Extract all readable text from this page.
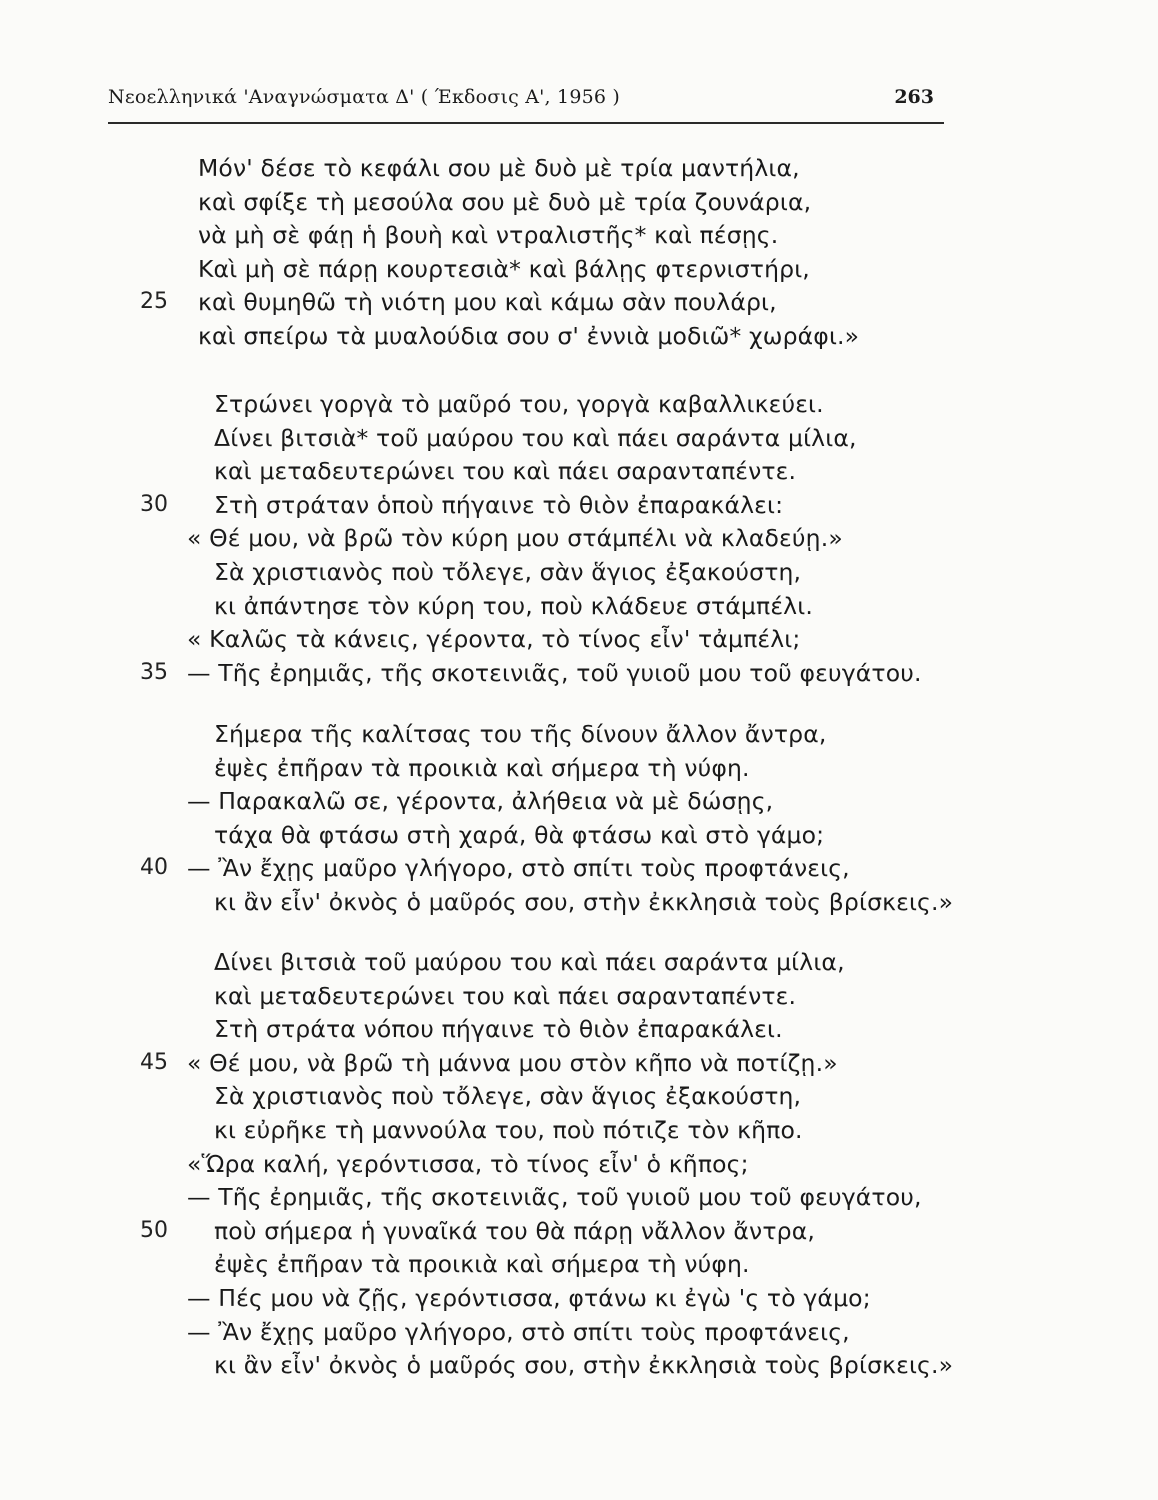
Νεοελληνικά 'Αναγνώσματα Δ' ( Έκδοσις Α', 1956 )	263
Μόν' δέσε τὸ κεφάλι σου μὲ δυὸ μὲ τρία μαντήλια,
καὶ σφίξε τὴ μεσούλα σου μὲ δυὸ μὲ τρία ζουνάρια,
νὰ μὴ σὲ φάῃ ἡ βουὴ καὶ ντραλιστῆς* καὶ πέσῃς.
Καὶ μὴ σὲ πάρῃ κουρτεσιὰ* καὶ βάλῃς φτερνιστήρι,
25	καὶ θυμηθῶ τὴ νιότη μου καὶ κάμω σὰν πουλάρι,
καὶ σπείρω τὰ μυαλούδια σου σ' ἐννιὰ μοδιῶ* χωράφι.»
Στρώνει γοργὰ τὸ μαῦρό του, γοργὰ καβαλλικεύει.
Δίνει βιτσιὰ* τοῦ μαύρου του καὶ πάει σαράντα μίλια,
καὶ μεταδευτερώνει του καὶ πάει σαρανταπέντε.
30	Στὴ στράταν ὁποὺ πήγαινε τὸ θιὸν ἐπαρακάλει:
« Θέ μου, νὰ βρῶ τὸν κύρη μου στάμπέλι νὰ κλαδεύῃ.»
Σὰ χριστιανὸς ποὺ τὄλεγε, σὰν ἅγιος ἐξακούστη,
κι ἀπάντησε τὸν κύρη του, ποὺ κλάδευε στάμπέλι.
« Καλῶς τὰ κάνεις, γέροντα, τὸ τίνος εἶν' τἀμπέλι;
35 — Τῆς ἐρημιᾶς, τῆς σκοτεινιᾶς, τοῦ γυιοῦ μου τοῦ φευγάτου.
Σήμερα τῆς καλίτσας του τῆς δίνουν ἄλλον ἄντρα,
ἐψὲς ἐπῆραν τὰ προικιὰ καὶ σήμερα τὴ νύφη.
— Παρακαλῶ σε, γέροντα, ἀλήθεια νὰ μὲ δώσῃς,
τάχα θὰ φτάσω στὴ χαρά, θὰ φτάσω καὶ στὸ γάμο;
40 — Ἂν ἔχῃς μαῦρο γλήγορο, στὸ σπίτι τοὺς προφτάνεις,
κι ἂν εἶν' ὀκνὸς ὁ μαῦρός σου, στὴν ἐκκλησιὰ τοὺς βρίσκεις.»
Δίνει βιτσιὰ τοῦ μαύρου του καὶ πάει σαράντα μίλια,
καὶ μεταδευτερώνει του καὶ πάει σαρανταπέντε.
Στὴ στράτα νόπου πήγαινε τὸ θιὸν ἐπαρακάλει.
45 « Θέ μου, νὰ βρῶ τὴ μάννα μου στὸν κῆπο νὰ ποτίζῃ.»
Σὰ χριστιανὸς ποὺ τὄλεγε, σὰν ἅγιος ἐξακούστη,
κι εὐρῆκε τὴ μαννούλα του, ποὺ πότιζε τὸν κῆπο.
«Ὥρα καλή, γερόντισσα, τὸ τίνος εἶν' ὁ κῆπος;
— Τῆς ἐρημιᾶς, τῆς σκοτεινιᾶς, τοῦ γυιοῦ μου τοῦ φευγάτου,
50	ποὺ σήμερα ἡ γυναῖκά του θὰ πάρῃ νἄλλον ἄντρα,
ἐψὲς ἐπῆραν τὰ προικιὰ καὶ σήμερα τὴ νύφη.
— Πές μου νὰ ζῇς, γερόντισσα, φτάνω κι ἐγὼ 'ς τὸ γάμο;
— Ἂν ἔχῃς μαῦρο γλήγορο, στὸ σπίτι τοὺς προφτάνεις,
κι ἂν εἶν' ὀκνὸς ὁ μαῦρός σου, στὴν ἐκκλησιὰ τοὺς βρίσκεις.»
